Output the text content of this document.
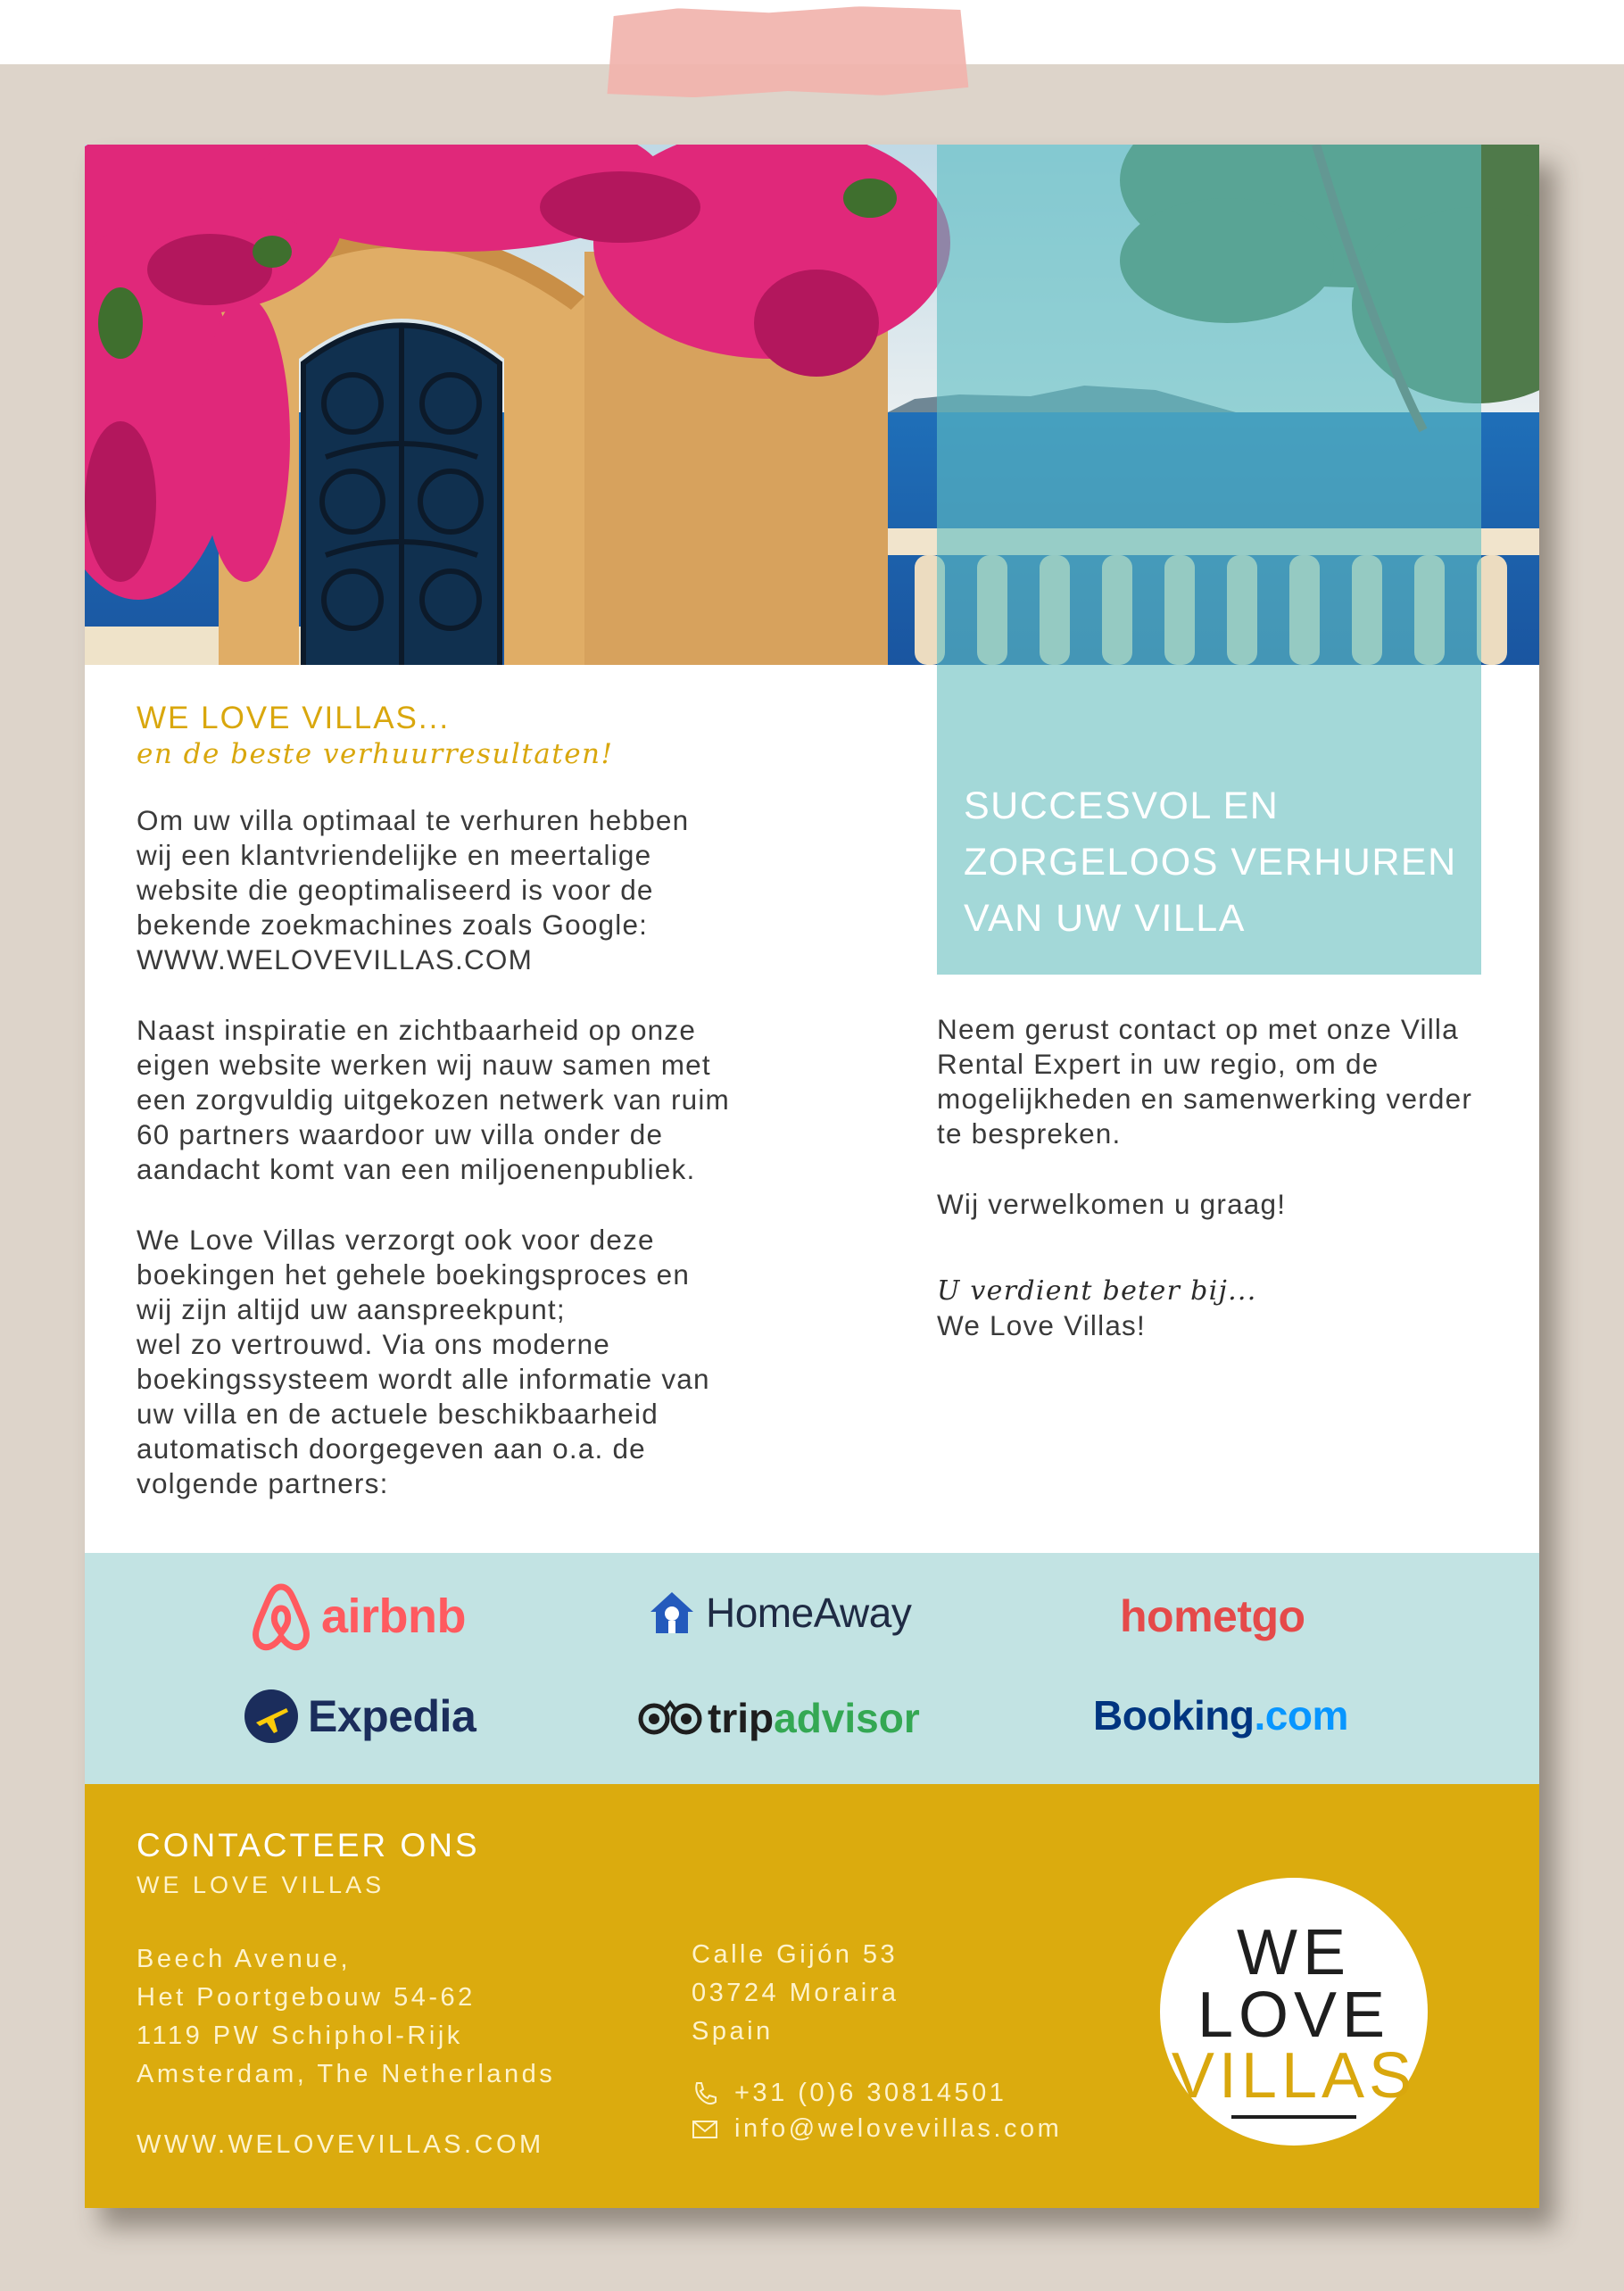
SUCCESVOL EN ZORGELOOS VERHUREN VAN UW VILLA

WE LOVE VILLAS...

en de beste verhuurresultaten!

Om uw villa optimaal te verhuren hebben
wij een klantvriendelijke en meertalige
website die geoptimaliseerd is voor de
bekende zoekmachines zoals Google:
WWW.WELOVEVILLAS.COM

Naast inspiratie en zichtbaarheid op onze
eigen website werken wij nauw samen met
een zorgvuldig uitgekozen netwerk van ruim
60 partners waardoor uw villa onder de
aandacht komt van een miljoenenpubliek.

We Love Villas verzorgt ook voor deze
boekingen het gehele boekingsproces en
wij zijn altijd uw aanspreekpunt;
wel zo vertrouwd. Via ons moderne
boekingssysteem wordt alle informatie van
uw villa en de actuele beschikbaarheid
automatisch doorgegeven aan o.a. de
volgende partners:

Neem gerust contact op met onze Villa Rental Expert in uw regio, om de mogelijkheden en samenwerking verder te bespreken.

Wij verwelkomen u graag!

U verdient beter bij...

We Love Villas!

airbnb	HomeAway	homet go
Expedia	trip advisor	Booking .com

CONTACTEER ONS

WE LOVE VILLAS

Beech Avenue,
Het Poortgebouw 54-62
1119 PW Schiphol-Rijk
Amsterdam, The Netherlands

WWW.WELOVEVILLAS.COM

Calle Gijón 53
03724 Moraira
Spain

+31 (0)6 30814501
info@welovevillas.com

WE

LOVE

VILLAS
